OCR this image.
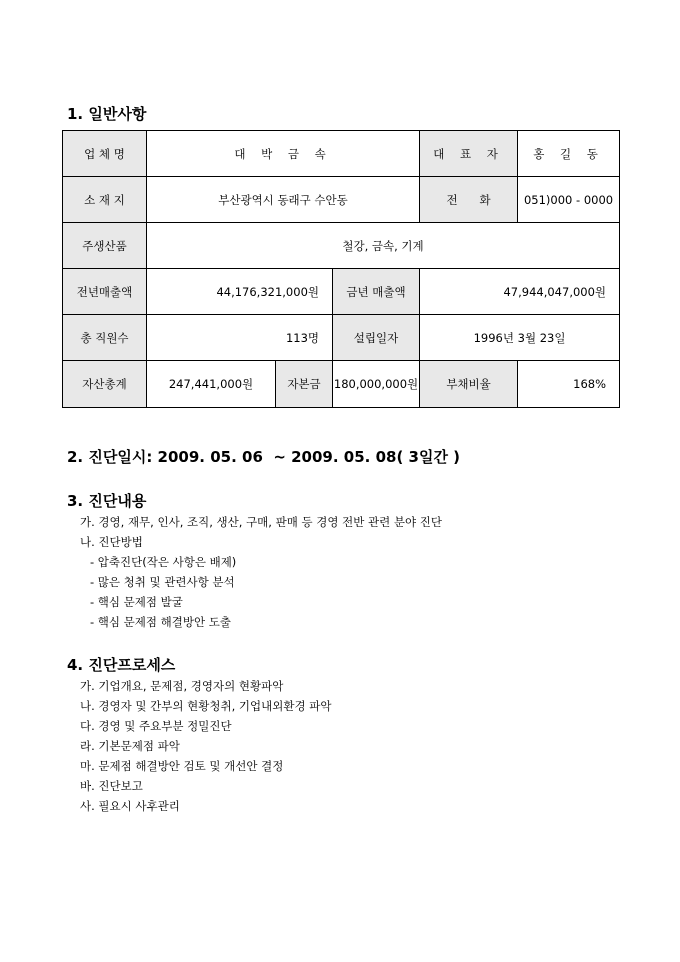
1. 일반사항
업 체 명	대 박 금 속			대 표 자	홍 길 동
소 재 지	부산광역시 동래구 수안동			전      화	051)000 - 0000
주생산품	철강, 금속, 기계				
전년매출액	44,176,321,000원		금년 매출액	47,944,047,000원	
총 직원수	113명		설립일자	1996년 3월 23일	
자산총계	247,441,000원	자본금	180,000,000원	부채비율	168%
2. 진단일시: 2009. 05. 06  ~ 2009. 05. 08( 3일간 )
3. 진단내용
가. 경영, 재무, 인사, 조직, 생산, 구매, 판매 등 경영 전반 관련 분야 진단
나. 진단방법
- 압축진단(작은 사항은 배제)
- 많은 청취 및 관련사항 분석
- 핵심 문제점 발굴
- 핵심 문제점 해결방안 도출
4. 진단프로세스
가. 기업개요, 문제점, 경영자의 현황파악
나. 경영자 및 간부의 현황청취, 기업내외환경 파악
다. 경영 및 주요부분 정밀진단
라. 기본문제점 파악
마. 문제점 해결방안 검토 및 개선안 결정
바. 진단보고
사. 필요시 사후관리
